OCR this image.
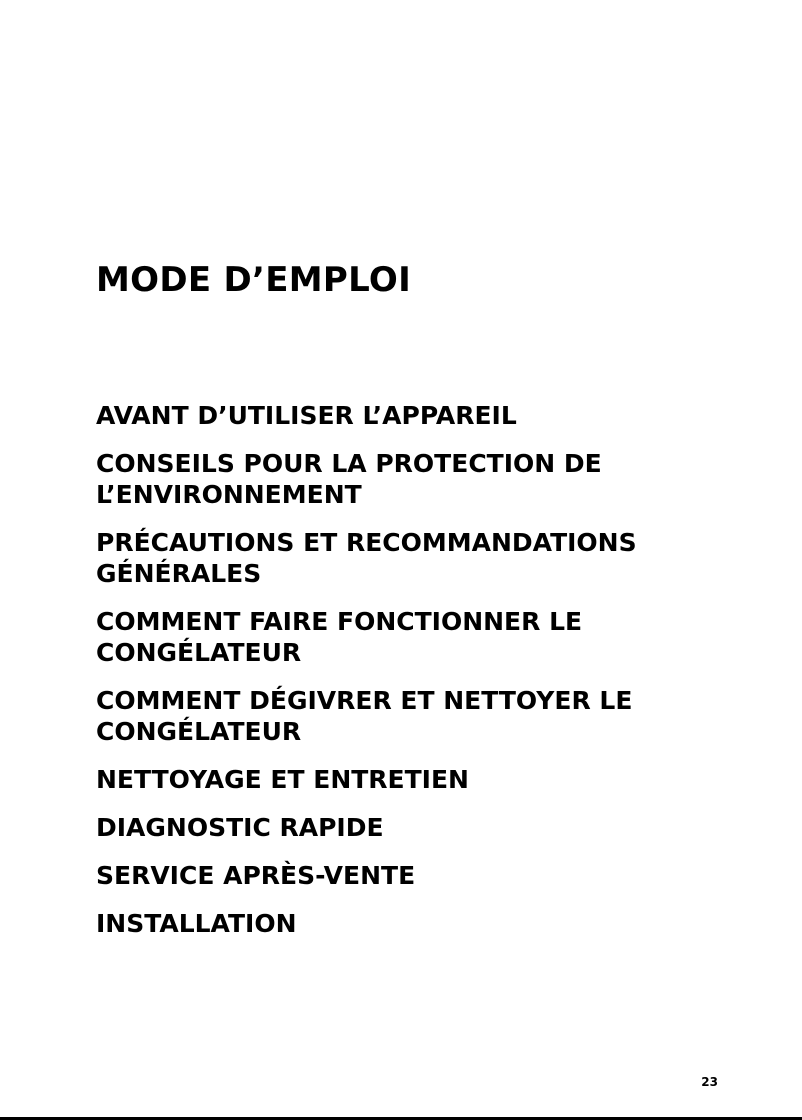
MODE D’EMPLOI
AVANT D’UTILISER L’APPAREIL
CONSEILS POUR LA PROTECTION DE
L’ENVIRONNEMENT
PRÉCAUTIONS ET RECOMMANDATIONS
GÉNÉRALES
COMMENT FAIRE FONCTIONNER LE
CONGÉLATEUR
COMMENT DÉGIVRER ET NETTOYER LE
CONGÉLATEUR
NETTOYAGE ET ENTRETIEN
DIAGNOSTIC RAPIDE
SERVICE APRÈS-VENTE
INSTALLATION
23
